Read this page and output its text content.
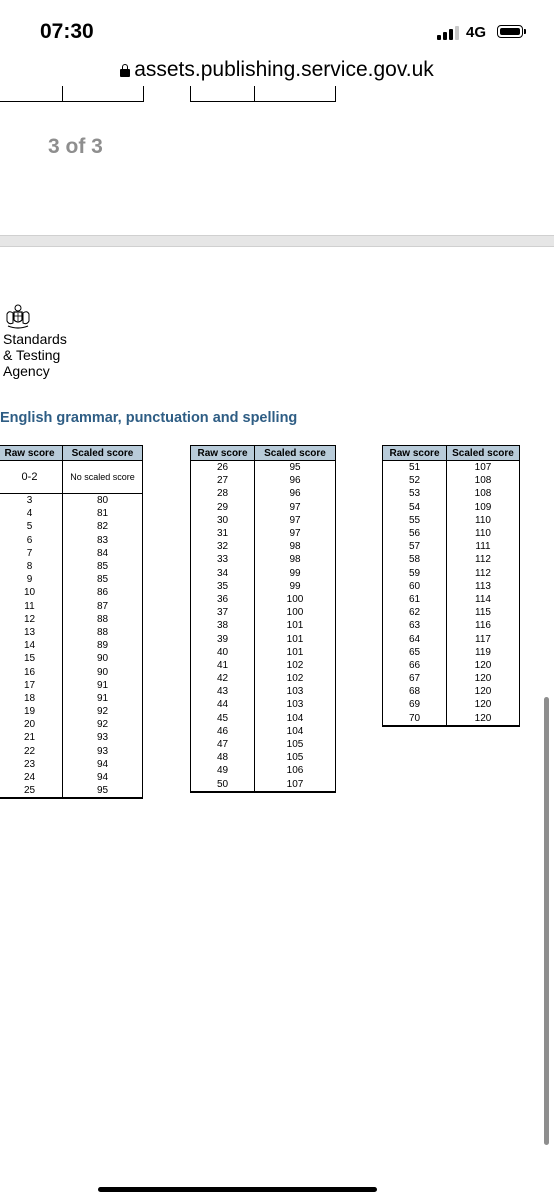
07:30	4G
assets.publishing.service.gov.uk
3 of 3
Standards
& Testing
Agency
English grammar, punctuation and spelling
Raw score	Scaled score
0-2	No scaled score
3	80
4	81
5	82
6	83
7	84
8	85
9	85
10	86
11	87
12	88
13	88
14	89
15	90
16	90
17	91
18	91
19	92
20	92
21	93
22	93
23	94
24	94
25	95
Raw score	Scaled score
26	95
27	96
28	96
29	97
30	97
31	97
32	98
33	98
34	99
35	99
36	100
37	100
38	101
39	101
40	101
41	102
42	102
43	103
44	103
45	104
46	104
47	105
48	105
49	106
50	107
Raw score	Scaled score
51	107
52	108
53	108
54	109
55	110
56	110
57	111
58	112
59	112
60	113
61	114
62	115
63	116
64	117
65	119
66	120
67	120
68	120
69	120
70	120
